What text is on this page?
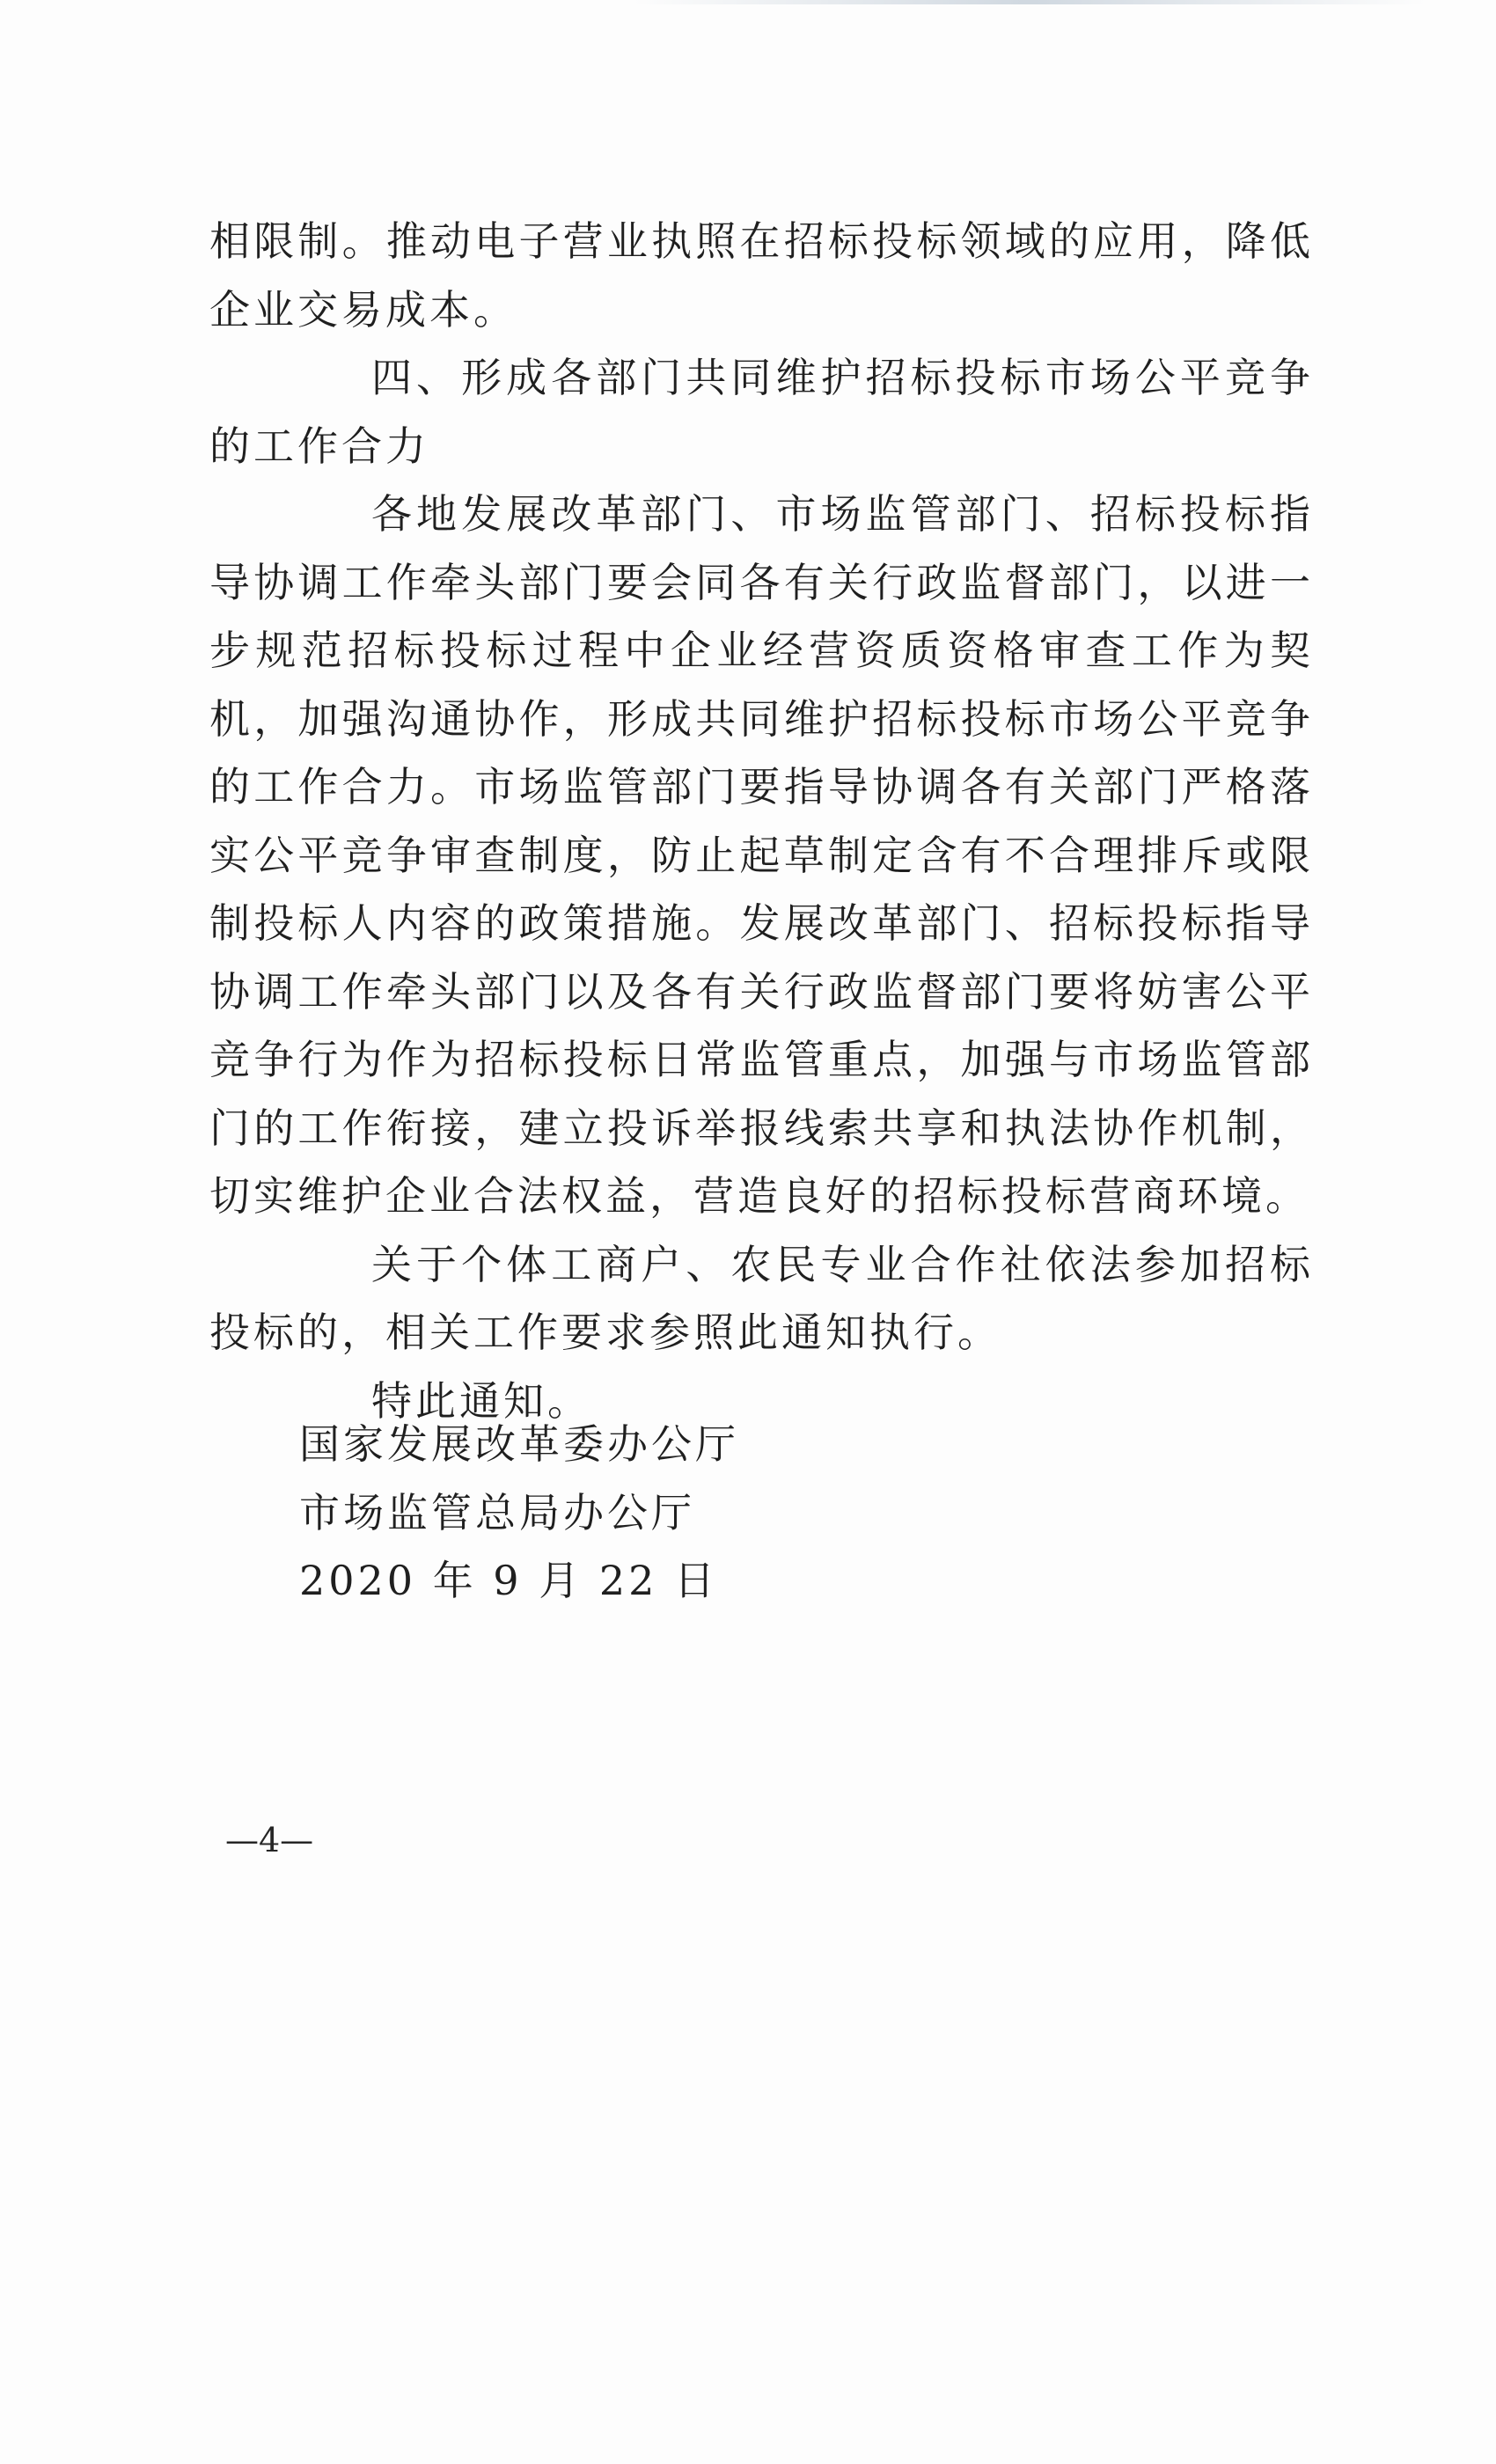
相限制。推动电子营业执照在招标投标领域的应用，降低企业交易成本。

四、形成各部门共同维护招标投标市场公平竞争的工作合力

各地发展改革部门、市场监管部门、招标投标指导协调工作牵头部门要会同各有关行政监督部门，以进一步规范招标投标过程中企业经营资质资格审查工作为契机，加强沟通协作，形成共同维护招标投标市场公平竞争的工作合力。市场监管部门要指导协调各有关部门严格落实公平竞争审查制度，防止起草制定含有不合理排斥或限制投标人内容的政策措施。发展改革部门、招标投标指导协调工作牵头部门以及各有关行政监督部门要将妨害公平竞争行为作为招标投标日常监管重点，加强与市场监管部门的工作衔接，建立投诉举报线索共享和执法协作机制，切实维护企业合法权益，营造良好的招标投标营商环境。

关于个体工商户、农民专业合作社依法参加招标投标的，相关工作要求参照此通知执行。

特此通知。

国家发展改革委办公厅

市场监管总局办公厅

2020 年 9 月 22 日

—4—
